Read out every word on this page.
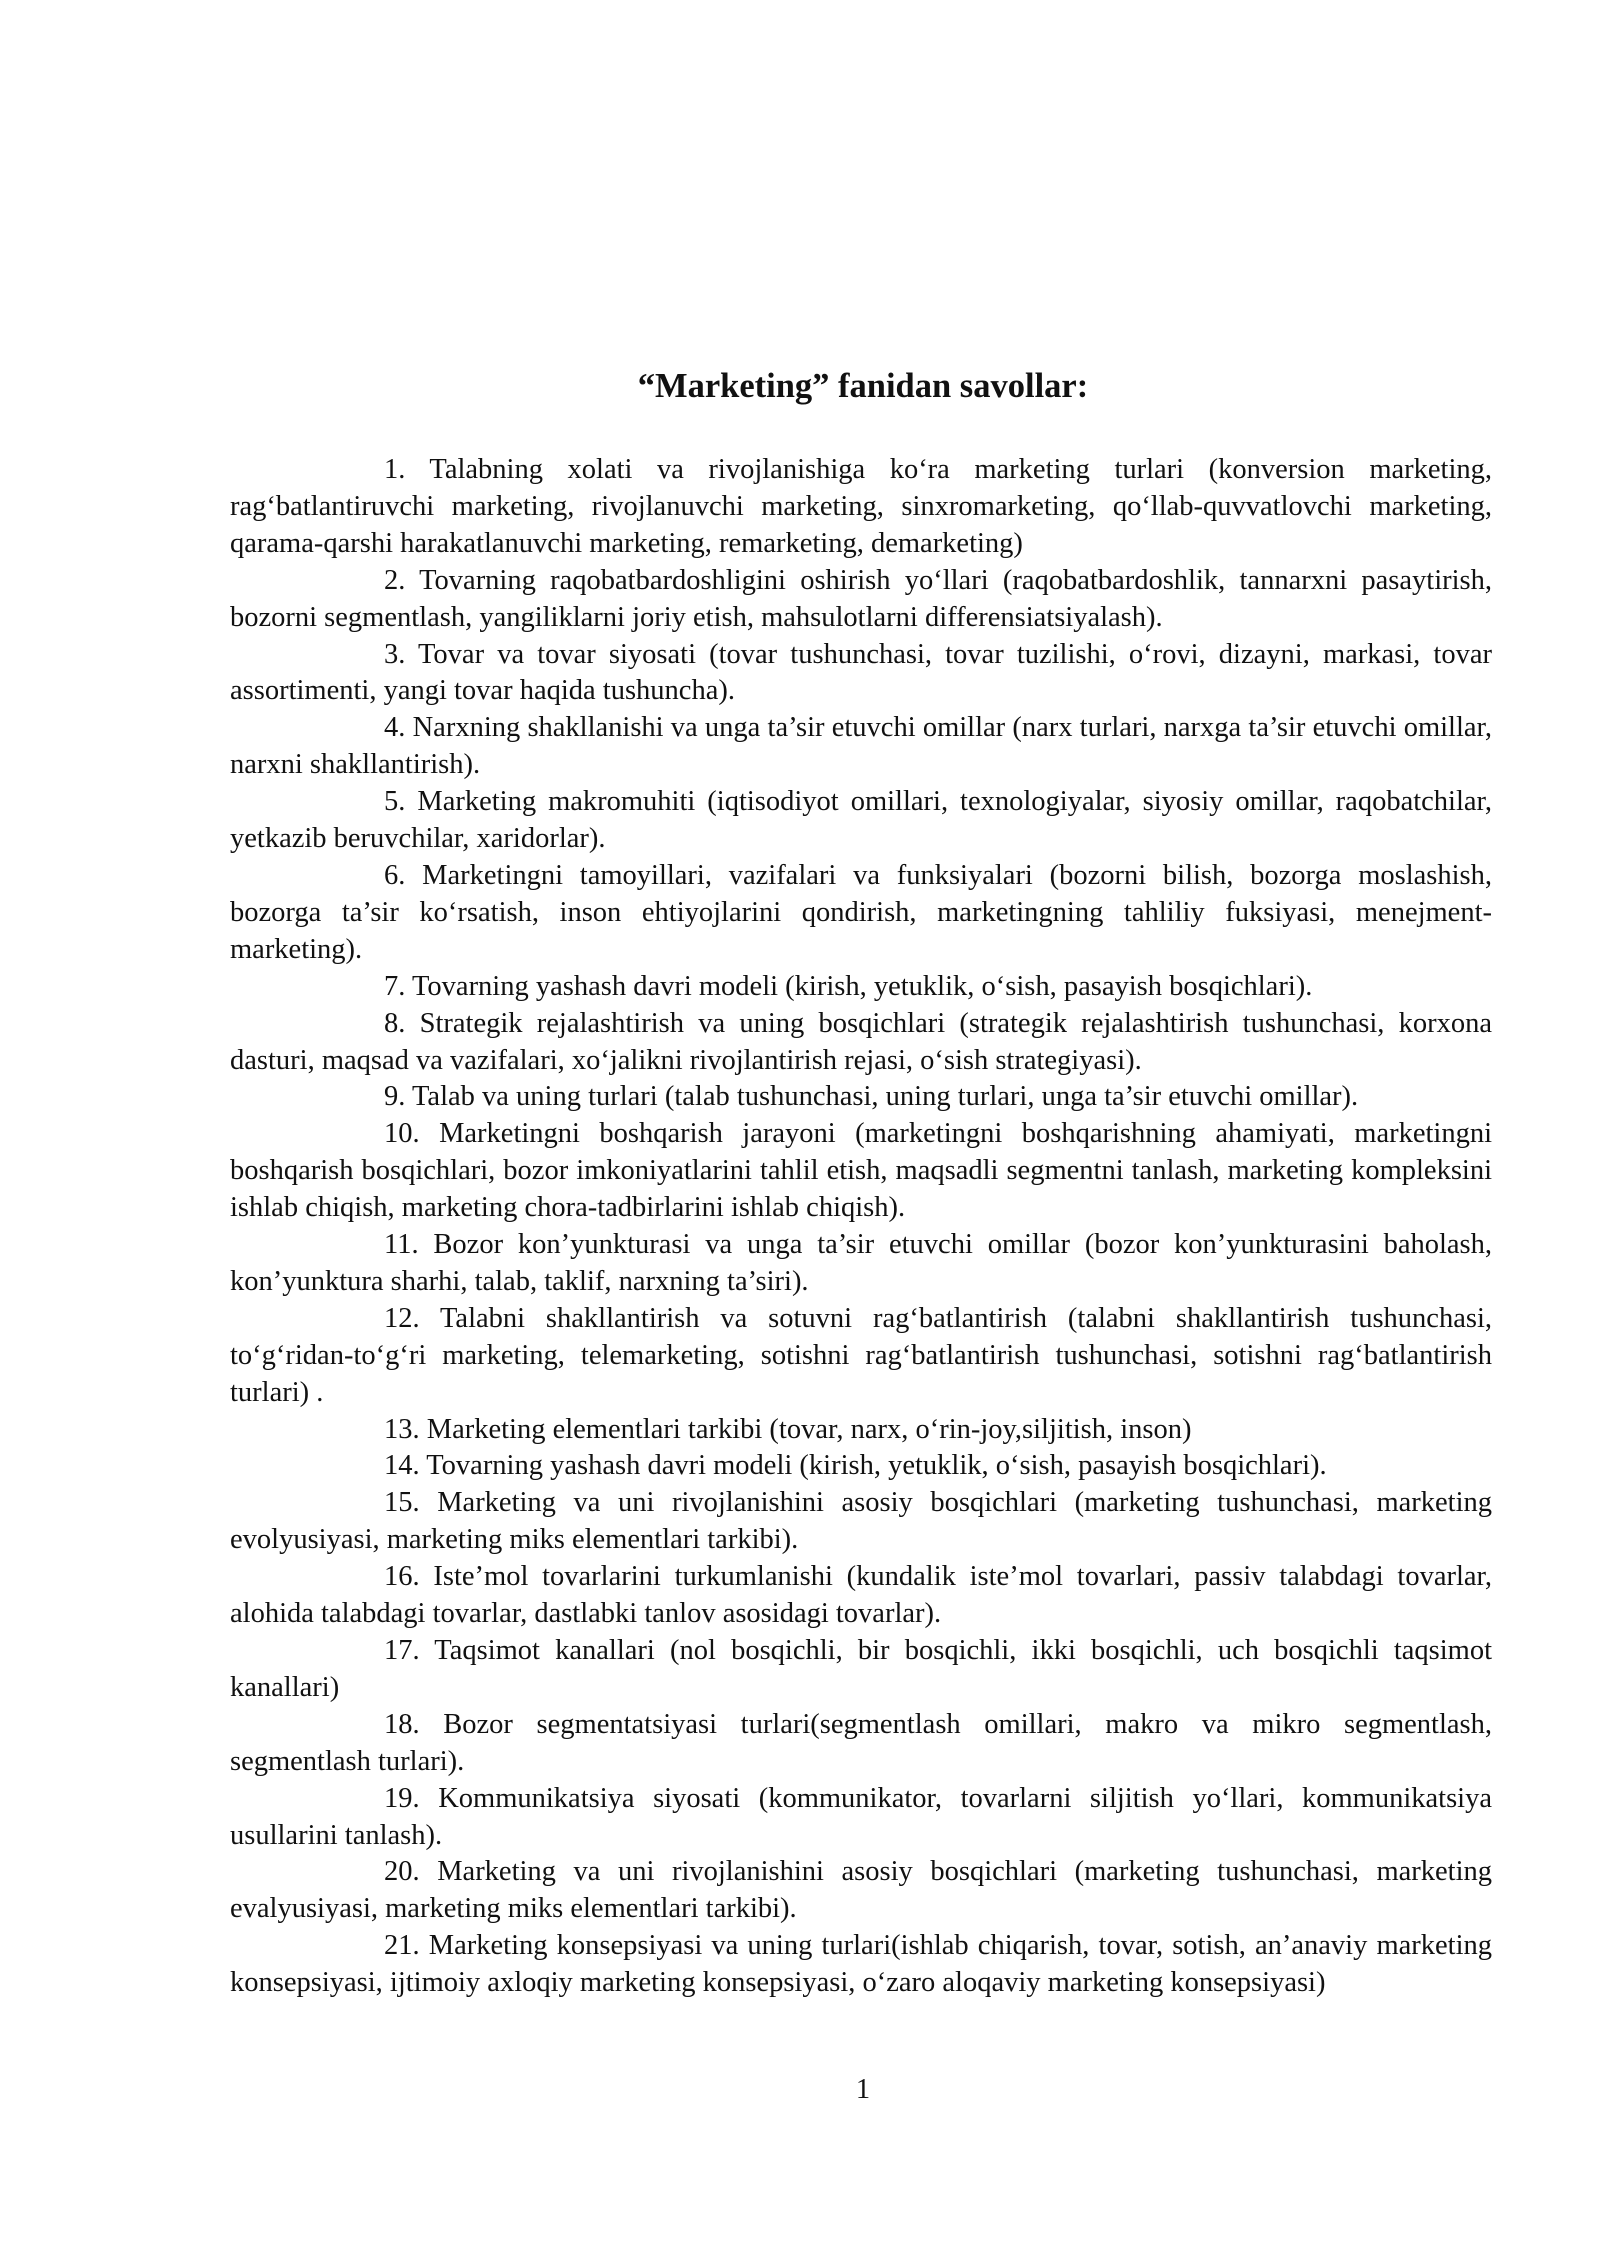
“Marketing” fanidan savollar:
1. Talabning xolati va rivojlanishiga ko‘ra marketing turlari (konversion marketing, rag‘batlantiruvchi marketing, rivojlanuvchi marketing, sinxromarketing, qo‘llab-quvvatlovchi marketing, qarama-qarshi harakatlanuvchi marketing, remarketing, demarketing)
2. Tovarning raqobatbardoshligini oshirish yo‘llari (raqobatbardoshlik, tannarxni pasaytirish, bozorni segmentlash, yangiliklarni joriy etish, mahsulotlarni differensiatsiyalash).
3. Tovar va tovar siyosati (tovar tushunchasi, tovar tuzilishi, o‘rovi, dizayni, markasi, tovar assortimenti, yangi tovar haqida tushuncha).
4. Narxning shakllanishi va unga ta’sir etuvchi omillar (narx turlari, narxga ta’sir etuvchi omillar, narxni shakllantirish).
5. Marketing makromuhiti (iqtisodiyot omillari, texnologiyalar, siyosiy omillar, raqobatchilar, yetkazib beruvchilar, xaridorlar).
6. Marketingni tamoyillari, vazifalari va funksiyalari (bozorni bilish, bozorga moslashish, bozorga ta’sir ko‘rsatish, inson ehtiyojlarini qondirish, marketingning tahliliy fuksiyasi, menejment-marketing).
7. Tovarning yashash davri modeli (kirish, yetuklik, o‘sish, pasayish bosqichlari).
8. Strategik rejalashtirish va uning bosqichlari (strategik rejalashtirish tushunchasi, korxona dasturi, maqsad va vazifalari, xo‘jalikni rivojlantirish rejasi, o‘sish strategiyasi).
9. Talab va uning turlari (talab tushunchasi, uning turlari, unga ta’sir etuvchi omillar).
10. Marketingni boshqarish jarayoni (marketingni boshqarishning ahamiyati, marketingni boshqarish bosqichlari, bozor imkoniyatlarini tahlil etish, maqsadli segmentni tanlash, marketing kompleksini ishlab chiqish, marketing chora-tadbirlarini ishlab chiqish).
11. Bozor kon’yunkturasi va unga ta’sir etuvchi omillar (bozor kon’yunkturasini baholash, kon’yunktura sharhi, talab, taklif, narxning ta’siri).
12. Talabni shakllantirish va sotuvni rag‘batlantirish (talabni shakllantirish tushunchasi, to‘g‘ridan-to‘g‘ri marketing, telemarketing, sotishni rag‘batlantirish tushunchasi, sotishni rag‘batlantirish turlari) .
13. Marketing elementlari tarkibi (tovar, narx, o‘rin-joy,siljitish, inson)
14. Tovarning yashash davri modeli (kirish, yetuklik, o‘sish, pasayish bosqichlari).
15. Marketing va uni rivojlanishini asosiy bosqichlari (marketing tushunchasi, marketing evolyusiyasi, marketing miks elementlari tarkibi).
16. Iste’mol tovarlarini turkumlanishi (kundalik iste’mol tovarlari, passiv talabdagi tovarlar, alohida talabdagi tovarlar, dastlabki tanlov asosidagi tovarlar).
17. Taqsimot kanallari (nol bosqichli, bir bosqichli, ikki bosqichli, uch bosqichli taqsimot kanallari)
18. Bozor segmentatsiyasi turlari(segmentlash omillari, makro va mikro segmentlash, segmentlash turlari).
19. Kommunikatsiya siyosati (kommunikator, tovarlarni siljitish yo‘llari, kommunikatsiya usullarini tanlash).
20. Marketing va uni rivojlanishini asosiy bosqichlari (marketing tushunchasi, marketing evalyusiyasi, marketing miks elementlari tarkibi).
21. Marketing konsepsiyasi va uning turlari(ishlab chiqarish, tovar, sotish, an’anaviy marketing konsepsiyasi, ijtimoiy axloqiy marketing konsepsiyasi, o‘zaro aloqaviy marketing konsepsiyasi)
1
